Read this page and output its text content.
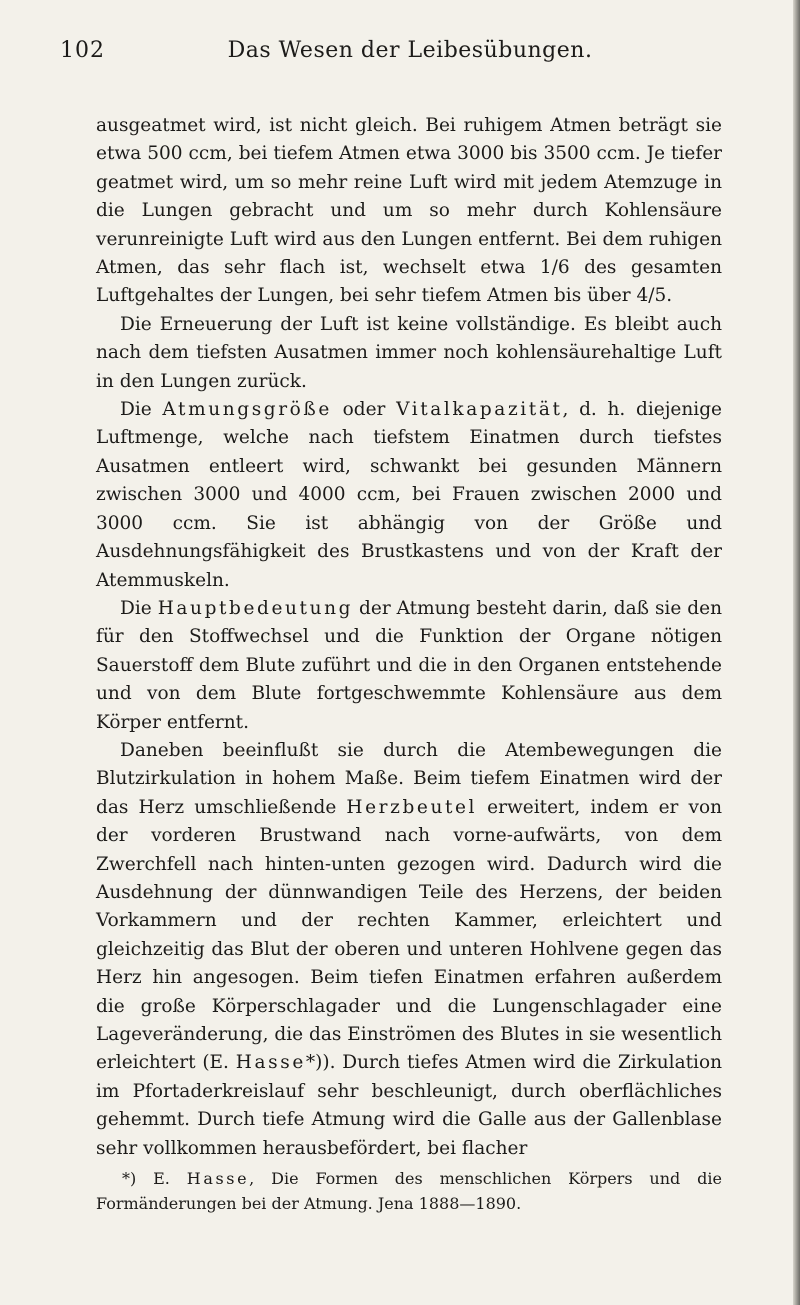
102	Das Wesen der Leibesübungen.

ausgeatmet wird, ist nicht gleich. Bei ruhigem Atmen beträgt sie etwa 500 ccm, bei tiefem Atmen etwa 3000 bis 3500 ccm. Je tiefer geatmet wird, um so mehr reine Luft wird mit jedem Atemzuge in die Lungen gebracht und um so mehr durch Kohlensäure verunreinigte Luft wird aus den Lungen entfernt. Bei dem ruhigen Atmen, das sehr flach ist, wechselt etwa 1/6 des gesamten Luftgehaltes der Lungen, bei sehr tiefem Atmen bis über 4/5.

Die Erneuerung der Luft ist keine vollständige. Es bleibt auch nach dem tiefsten Ausatmen immer noch kohlensäurehaltige Luft in den Lungen zurück.

Die Atmungsgröße oder Vitalkapazität, d. h. diejenige Luftmenge, welche nach tiefstem Einatmen durch tiefstes Ausatmen entleert wird, schwankt bei gesunden Männern zwischen 3000 und 4000 ccm, bei Frauen zwischen 2000 und 3000 ccm. Sie ist abhängig von der Größe und Ausdehnungsfähigkeit des Brustkastens und von der Kraft der Atemmuskeln.

Die Hauptbedeutung der Atmung besteht darin, daß sie den für den Stoffwechsel und die Funktion der Organe nötigen Sauerstoff dem Blute zuführt und die in den Organen entstehende und von dem Blute fortgeschwemmte Kohlensäure aus dem Körper entfernt.

Daneben beeinflußt sie durch die Atembewegungen die Blutzirkulation in hohem Maße. Beim tiefem Einatmen wird der das Herz umschließende Herzbeutel erweitert, indem er von der vorderen Brustwand nach vorne-aufwärts, von dem Zwerchfell nach hinten-unten gezogen wird. Dadurch wird die Ausdehnung der dünnwandigen Teile des Herzens, der beiden Vorkammern und der rechten Kammer, erleichtert und gleichzeitig das Blut der oberen und unteren Hohlvene gegen das Herz hin angesogen. Beim tiefen Einatmen erfahren außerdem die große Körperschlagader und die Lungenschlagader eine Lageveränderung, die das Einströmen des Blutes in sie wesentlich erleichtert (E. Hasse*)). Durch tiefes Atmen wird die Zirkulation im Pfortaderkreislauf sehr beschleunigt, durch oberflächliches gehemmt. Durch tiefe Atmung wird die Galle aus der Gallenblase sehr vollkommen herausbefördert, bei flacher

*) E. Hasse, Die Formen des menschlichen Körpers und die Formänderungen bei der Atmung. Jena 1888—1890.
